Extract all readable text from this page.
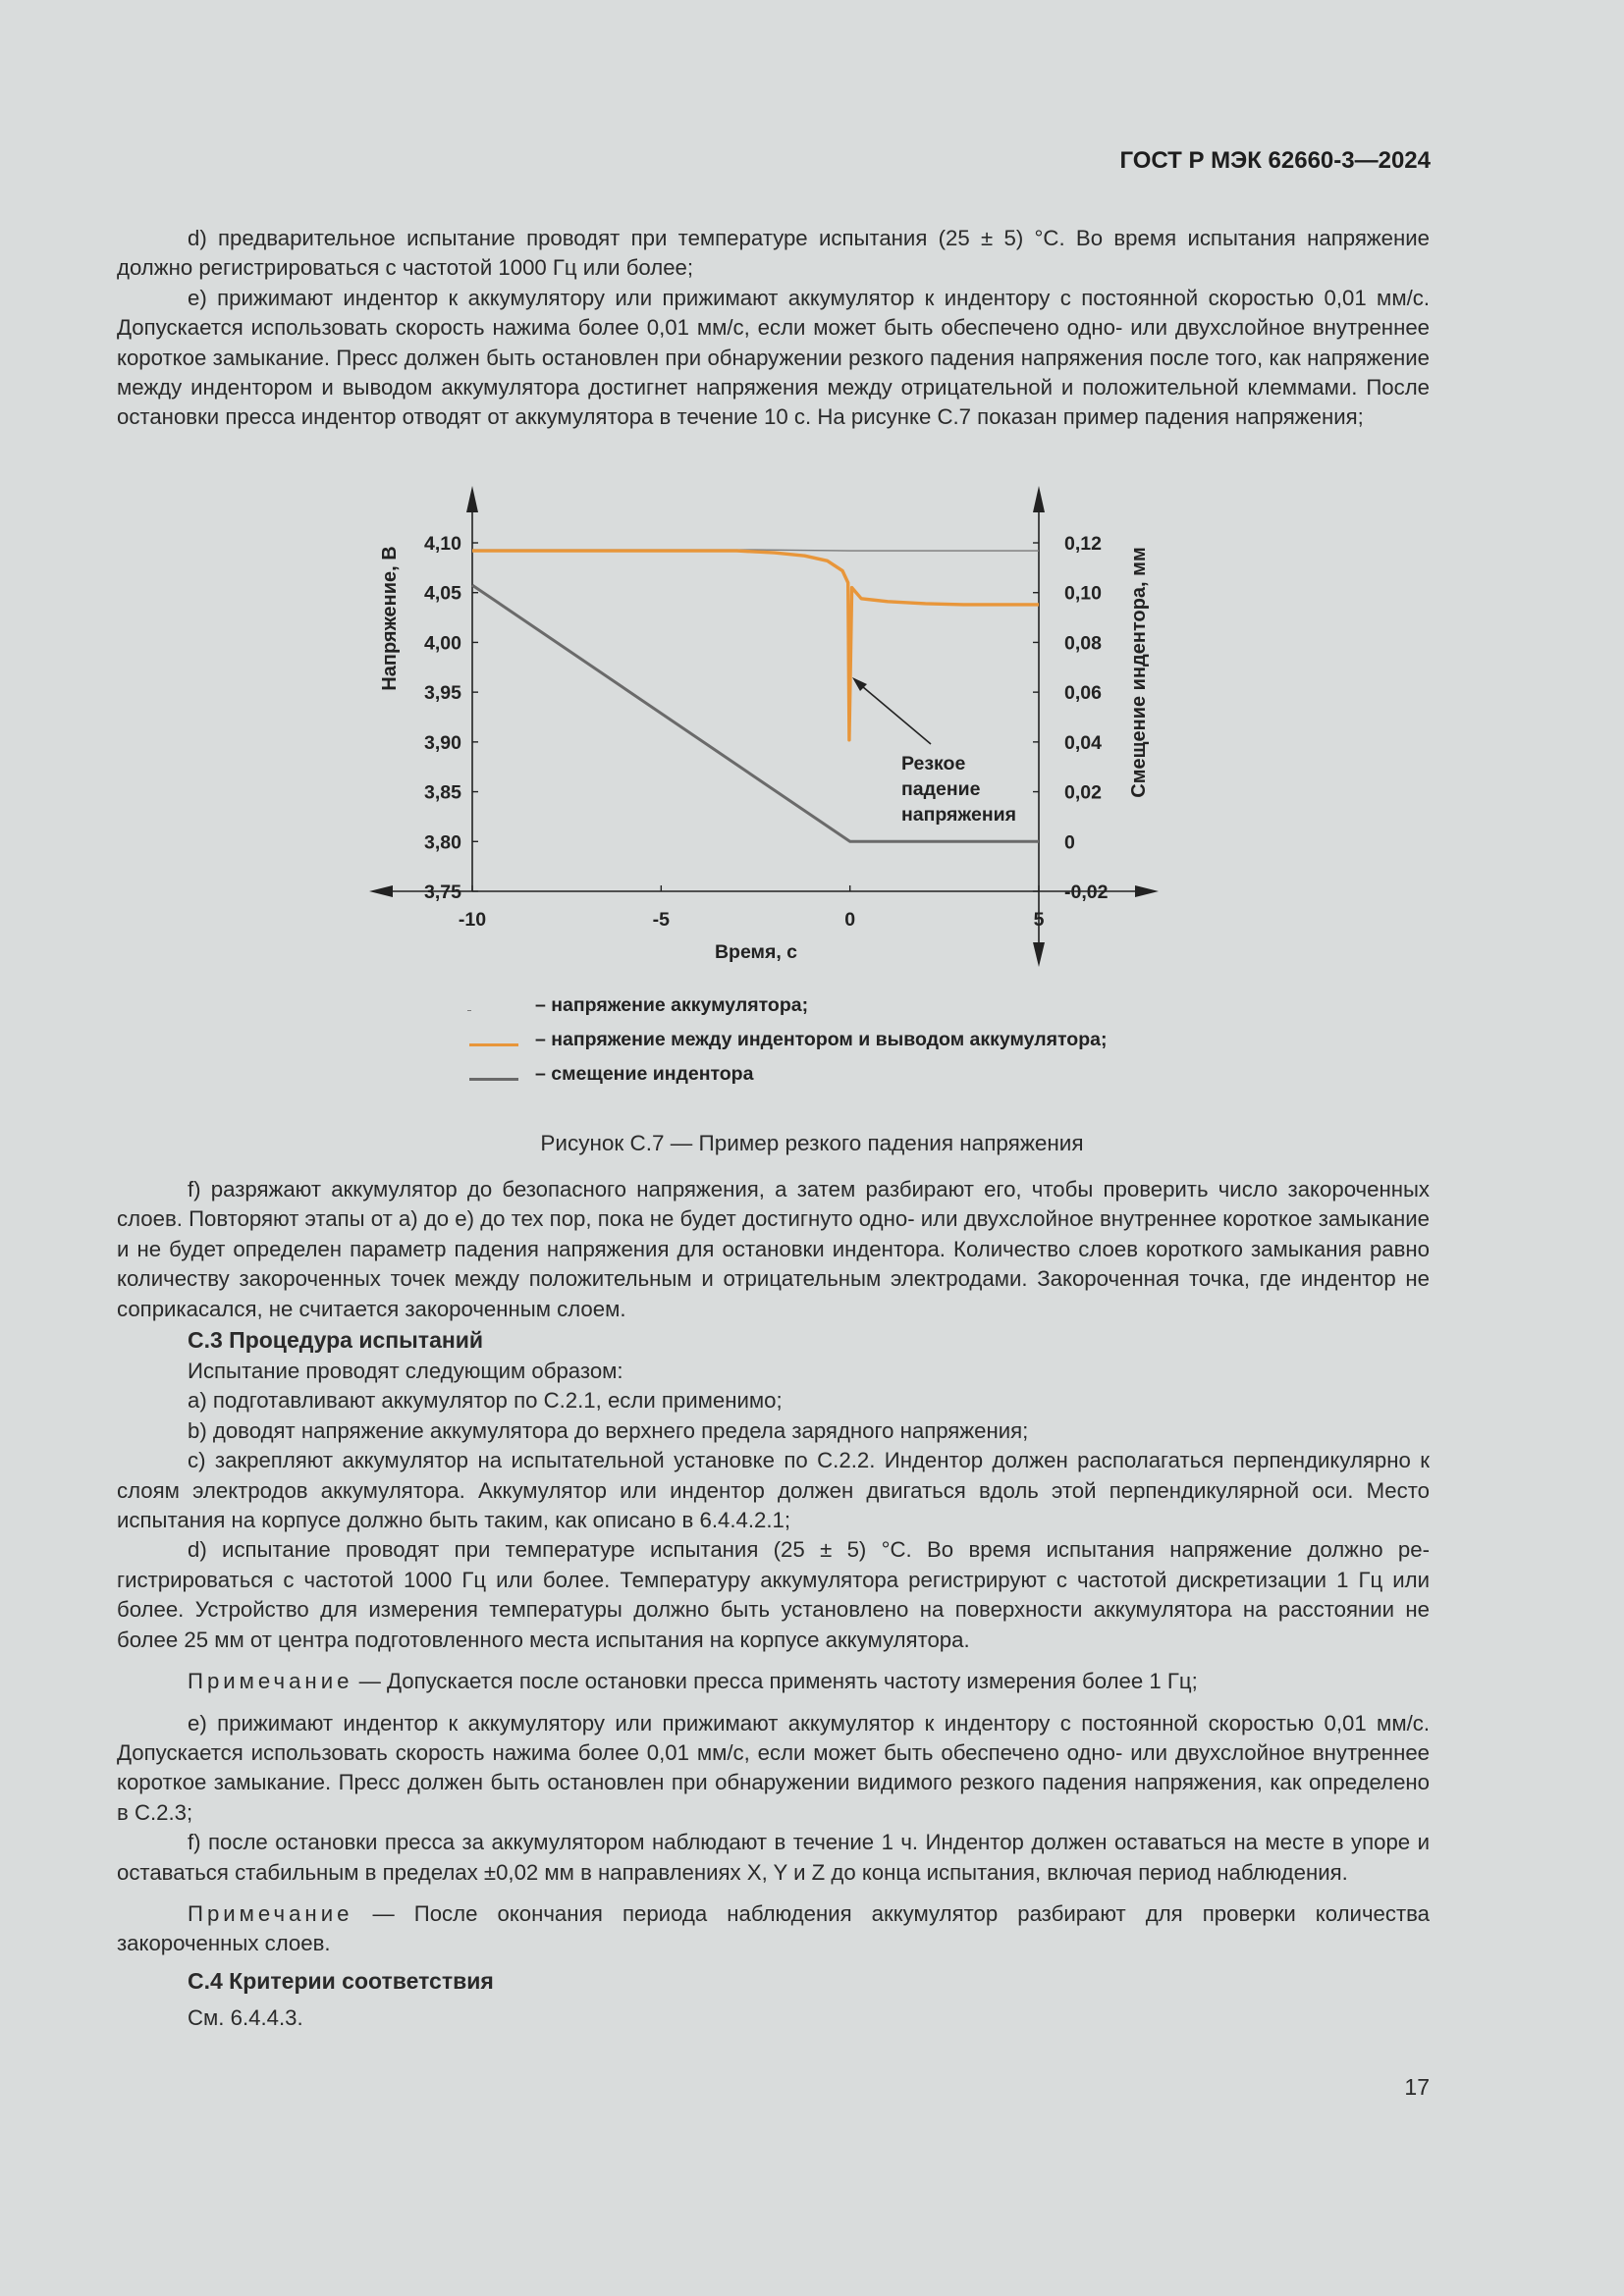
ГОСТ Р МЭК 62660-3—2024

d) предварительное испытание проводят при температуре испытания (25 ± 5) °С. Во время испытания напряжение должно регистрироваться с частотой 1000 Гц или более;

e) прижимают индентор к аккумулятору или прижимают аккумулятор к индентору с постоянной скоростью 0,01 мм/с. Допускается использовать скорость нажима более 0,01 мм/с, если может быть обеспечено одно- или двухслойное внутреннее короткое замыкание. Пресс должен быть остановлен при обнаружении резкого падения напряжения после того, как напряжение между индентором и выводом аккумулятора достигнет напряжения между отрицательной и положительной клеммами. После остановки пресса индентор отводят от аккумулятора в течение 10 с. На рисунке С.7 показан пример падения напряжения;

4,10
4,05
4,00
3,95
3,90
3,85
3,80
3,75
0,12
0,10
0,08
0,06
0,04
0,02
0
-0,02
-10	-5	0	5
Резкое
падение
напряжения
Напряжение, В	Смещение индентора, мм
Время, с
– напряжение аккумулятора;
– напряжение между индентором и выводом аккумулятора;
– смещение индентора
Рисунок С.7 — Пример резкого падения напряжения

f) разряжают аккумулятор до безопасного напряжения, а затем разбирают его, чтобы проверить число закороченных слоев. Повторяют этапы от а) до е) до тех пор, пока не будет достигнуто одно- или двухслойное внутреннее короткое замыкание и не будет определен параметр падения напряжения для остановки индентора. Количество слоев короткого замыкания равно количеству закороченных точек между положительным и отрицательным электродами. Закороченная точка, где индентор не соприкасался, не считается закороченным слоем.

С.3 Процедура испытаний

Испытание проводят следующим образом:

a) подготавливают аккумулятор по С.2.1, если применимо;

b) доводят напряжение аккумулятора до верхнего предела зарядного напряжения;

c) закрепляют аккумулятор на испытательной установке по С.2.2. Индентор должен располагаться перпендикулярно к слоям электродов аккумулятора. Аккумулятор или индентор должен двигаться вдоль этой перпендикулярной оси. Место испытания на корпусе должно быть таким, как описано в 6.4.4.2.1;

d) испытание проводят при температуре испытания (25 ± 5) °С. Во время испытания напряжение должно регистрироваться с частотой 1000 Гц или более. Температуру аккумулятора регистрируют с частотой дискретизации 1 Гц или более. Устройство для измерения температуры должно быть установлено на поверхности аккумулятора на расстоянии не более 25 мм от центра подготовленного места испытания на корпусе аккумулятора.

Примечание — Допускается после остановки пресса применять частоту измерения более 1 Гц;

e) прижимают индентор к аккумулятору или прижимают аккумулятор к индентору с постоянной скоростью 0,01 мм/с. Допускается использовать скорость нажима более 0,01 мм/с, если может быть обеспечено одно- или двухслойное внутреннее короткое замыкание. Пресс должен быть остановлен при обнаружении видимого резкого падения напряжения, как определено в С.2.3;

f) после остановки пресса за аккумулятором наблюдают в течение 1 ч. Индентор должен оставаться на месте в упоре и оставаться стабильным в пределах ±0,02 мм в направлениях X, Y и Z до конца испытания, включая период наблюдения.

Примечание — После окончания периода наблюдения аккумулятор разбирают для проверки количества закороченных слоев.

С.4 Критерии соответствия

См. 6.4.4.3.

17
